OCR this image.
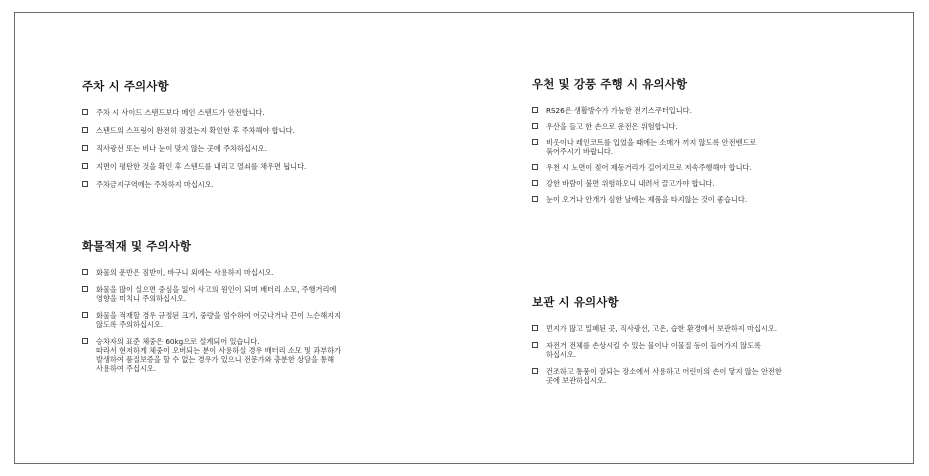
주차 시 주의사항
주차 시 사이드 스탠드보다 메인 스탠드가 안전합니다.
스탠드의 스프링이 완전히 잠겼는지 확인한 후 주차해야 합니다.
직사광선 또는 비나 눈이 맞지 않는 곳에 주차하십시오.
지면이 평탄한 것을 확인 후 스탠드를 내리고 열쇠를 채우면 됩니다.
주차금지구역에는 주차하지 마십시오.
화물적재 및 주의사항
화물의 운반은 짐받이, 바구니 외에는 사용하지 마십시오.
화물을 많이 실으면 중심을 잃어 사고의 원인이 되며 배터리 소모, 주행거리에
영향을 미치니 주의하십시오.
화물을 적재할 경우 규정된 크기, 중량을 엄수하여 어긋나거나 끈이 느슨해지지
않도록 주의하십시오.
승차자의 표준 체중은 60kg으로 설계되어 있습니다.
따라서 현저하게 체중이 오버되는 분이 사용하실 경우 배터리 소모 및 과부하가
발생하여 품질보증을 할 수 없는 경우가 있으니 전문가와 충분한 상담을 통해
사용하여 주십시오.
우천 및 강풍 주행 시 유의사항
RS26은 생활방수가 가능한 전기스쿠터입니다.
우산을 들고 한 손으로 운전은 위험합니다.
비옷이나 레인코트를 입었을 때에는 소매가 끼지 않도록 안전밴드로
묶어주시기 바랍니다.
우천 시 노면이 젖어 제동거리가 길어지므로 저속주행해야 합니다.
강한 바람이 불면 위험하오니 내려서 끌고가야 합니다.
눈이 오거나 안개가 심한 날에는 제품을 타지않는 것이 좋습니다.
보관 시 유의사항
먼지가 많고 밀폐된 곳, 직사광선, 고온, 습한 환경에서 보관하지 마십시오.
자전거 전체를 손상시킬 수 있는 물이나 이물질 등이 들어가지 않도록
하십시오.
건조하고 통풍이 잘되는 장소에서 사용하고 어린이의 손이 닿지 않는 안전한
곳에 보관하십시오.
